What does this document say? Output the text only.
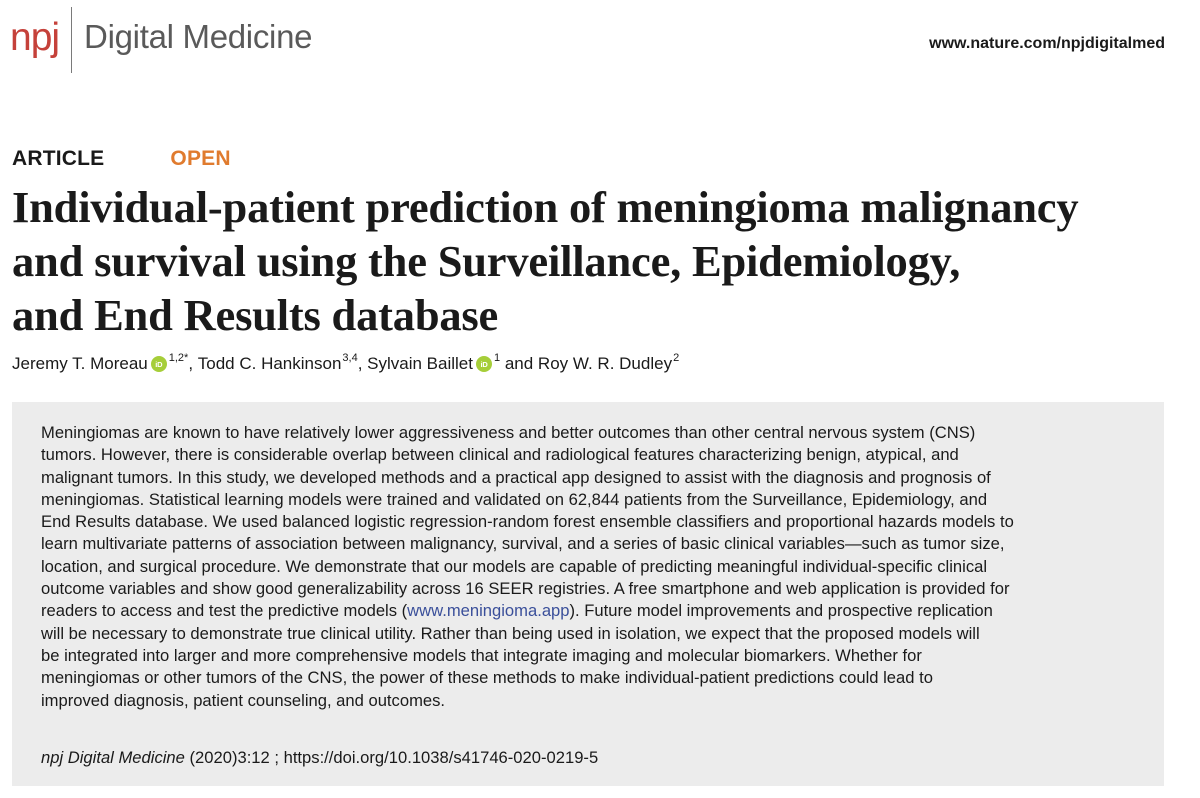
npj Digital Medicine	www.nature.com/npjdigitalmed
ARTICLE	OPEN
Individual-patient prediction of meningioma malignancy
and survival using the Surveillance, Epidemiology,
and End Results database
Jeremy T. Moreau	iD 1,2* , Todd C. Hankinson 3,4 , Sylvain Baillet	iD 1 and Roy W. R. Dudley 2
Meningiomas are known to have relatively lower aggressiveness and better outcomes than other central nervous system (CNS)
tumors. However, there is considerable overlap between clinical and radiological features characterizing benign, atypical, and
malignant tumors. In this study, we developed methods and a practical app designed to assist with the diagnosis and prognosis of
meningiomas. Statistical learning models were trained and validated on 62,844 patients from the Surveillance, Epidemiology, and
End Results database. We used balanced logistic regression-random forest ensemble classifiers and proportional hazards models to
learn multivariate patterns of association between malignancy, survival, and a series of basic clinical variables—such as tumor size,
location, and surgical procedure. We demonstrate that our models are capable of predicting meaningful individual-specific clinical
outcome variables and show good generalizability across 16 SEER registries. A free smartphone and web application is provided for
readers to access and test the predictive models (www.meningioma.app). Future model improvements and prospective replication
will be necessary to demonstrate true clinical utility. Rather than being used in isolation, we expect that the proposed models will
be integrated into larger and more comprehensive models that integrate imaging and molecular biomarkers. Whether for
meningiomas or other tumors of the CNS, the power of these methods to make individual-patient predictions could lead to
improved diagnosis, patient counseling, and outcomes.
npj Digital Medicine (2020)3:12 ; https://doi.org/10.1038/s41746-020-0219-5
